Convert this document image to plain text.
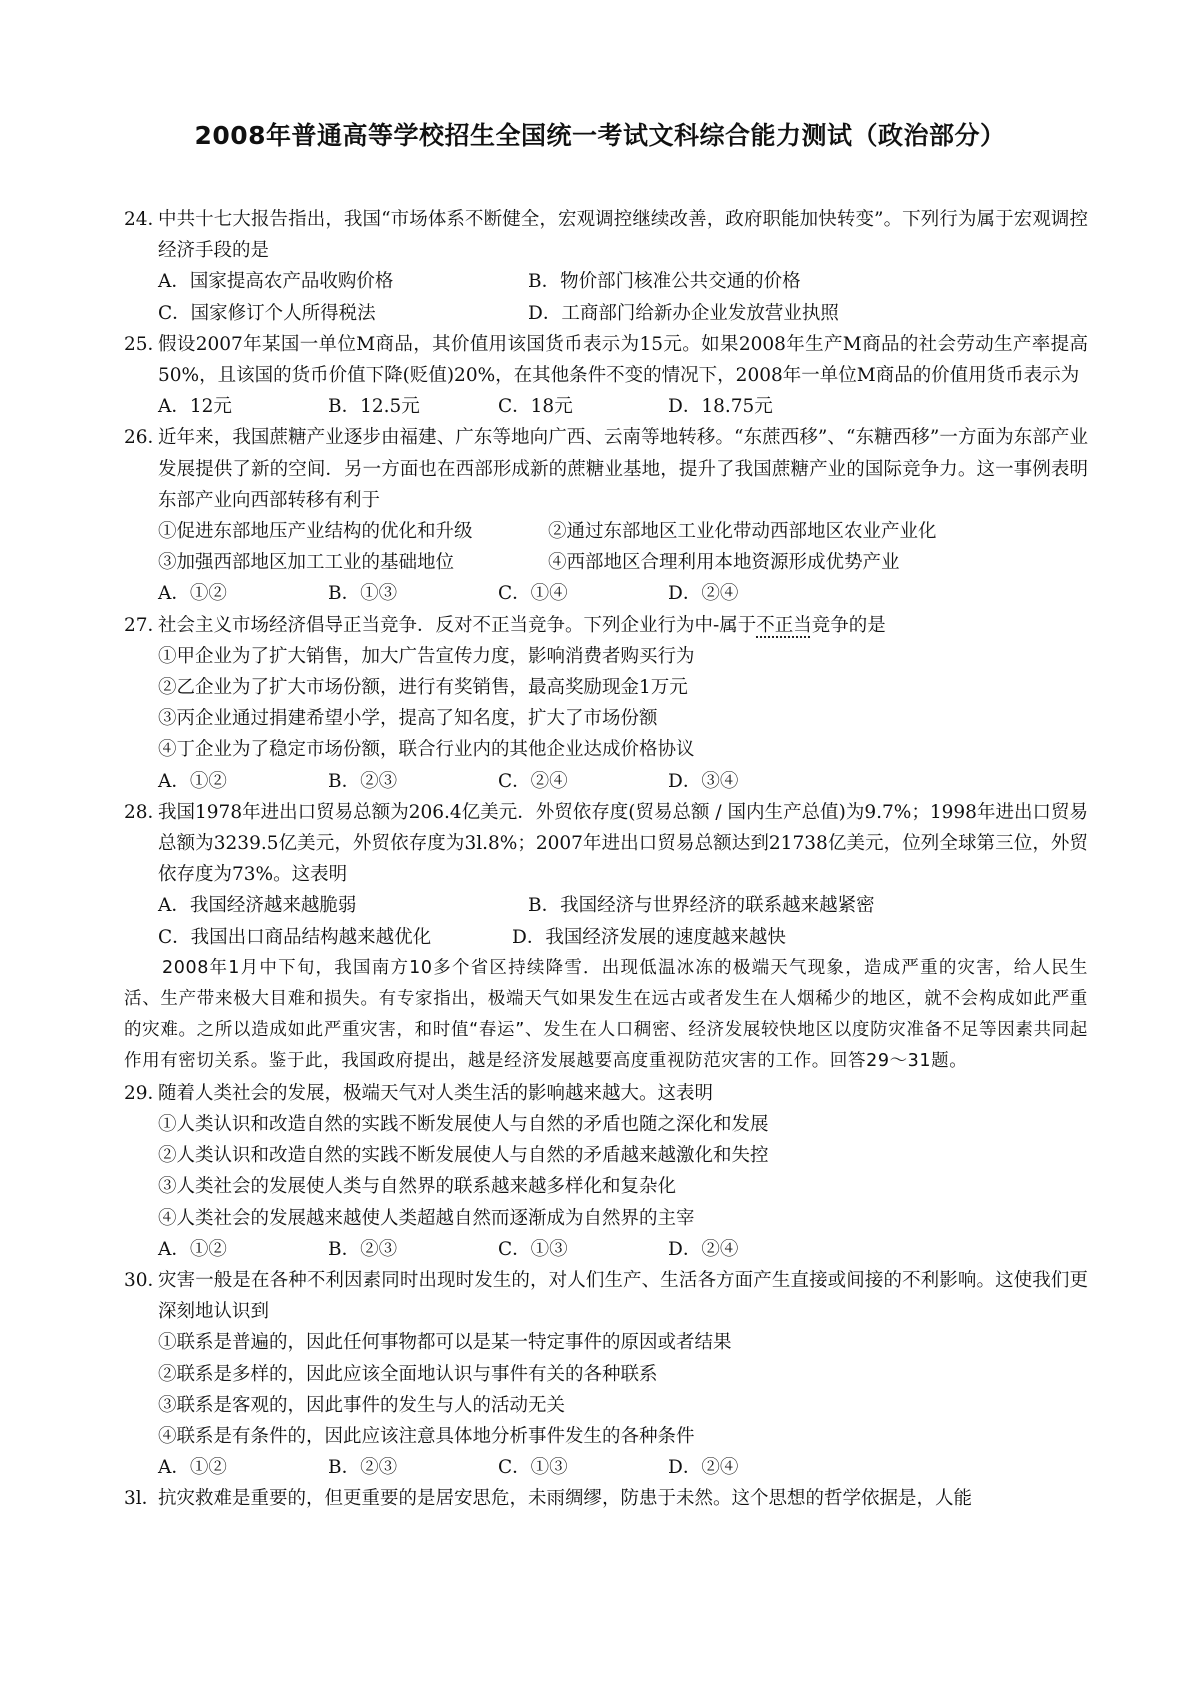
2008年普通高等学校招生全国统一考试文科综合能力测试（政治部分）
24．
中共十七大报告指出，我国“市场体系不断健全，宏观调控继续改善，政府职能加快转变”。下列行为属于宏观调控经济手段的是
A．国家提高农产品收购价格	B．物价部门核准公共交通的价格
C．国家修订个人所得税法	D．工商部门给新办企业发放营业执照
25．
假设2007年某国一单位M商品，其价值用该国货币表示为15元。如果2008年生产M商品的社会劳动生产率提高50%，且该国的货币价值下降(贬值)20%，在其他条件不变的情况下，2008年一单位M商品的价值用货币表示为
A．12元	B．12.5元	C．18元	D．18.75元
26．
近年来，我国蔗糖产业逐步由福建、广东等地向广西、云南等地转移。“东蔗西移”、“东糖西移”一方面为东部产业发展提供了新的空间．另一方面也在西部形成新的蔗糖业基地，提升了我国蔗糖产业的国际竞争力。这一事例表明东部产业向西部转移有利于
①促进东部地压产业结构的优化和升级	②通过东部地区工业化带动西部地区农业产业化
③加强西部地区加工工业的基础地位	④西部地区合理利用本地资源形成优势产业
A．①②	B．①③	C．①④	D．②④
27．
社会主义市场经济倡导正当竞争．反对不正当竞争。下列企业行为中-属于不正当竞争的是
①甲企业为了扩大销售，加大广告宣传力度，影响消费者购买行为
②乙企业为了扩大市场份额，进行有奖销售，最高奖励现金1万元
③丙企业通过捐建希望小学，提高了知名度，扩大了市场份额
④丁企业为了稳定市场份额，联合行业内的其他企业达成价格协议
A．①②	B．②③	C．②④	D．③④
28．
我国1978年进出口贸易总额为206.4亿美元．外贸依存度(贸易总额 / 国内生产总值)为9.7%；1998年进出口贸易总额为3239.5亿美元，外贸依存度为3l.8%；2007年进出口贸易总额达到21738亿美元，位列全球第三位，外贸依存度为73%。这表明
A．我国经济越来越脆弱	B．我国经济与世界经济的联系越来越紧密
C．我国出口商品结构越来越优化	D．我国经济发展的速度越来越快
2008年1月中下旬，我国南方10多个省区持续降雪．出现低温冰冻的极端天气现象，造成严重的灾害，给人民生活、生产带来极大目难和损失。有专家指出，极端天气如果发生在远古或者发生在人烟稀少的地区，就不会构成如此严重的灾难。之所以造成如此严重灾害，和时值“春运”、发生在人口稠密、经济发展较快地区以度防灾准备不足等因素共同起作用有密切关系。鉴于此，我国政府提出，越是经济发展越要高度重视防范灾害的工作。回答29～31题。
29．
随着人类社会的发展，极端天气对人类生活的影响越来越大。这表明
①人类认识和改造自然的实践不断发展使人与自然的矛盾也随之深化和发展
②人类认识和改造自然的实践不断发展使人与自然的矛盾越来越激化和失控
③人类社会的发展使人类与自然界的联系越来越多样化和复杂化
④人类社会的发展越来越使人类超越自然而逐渐成为自然界的主宰
A．①②	B．②③	C．①③	D．②④
30．
灾害一般是在各种不利因素同时出现时发生的，对人们生产、生活各方面产生直接或间接的不利影响。这使我们更深刻地认识到
①联系是普遍的，因此任何事物都可以是某一特定事件的原因或者结果
②联系是多样的，因此应该全面地认识与事件有关的各种联系
③联系是客观的，因此事件的发生与人的活动无关
④联系是有条件的，因此应该注意具体地分析事件发生的各种条件
A．①②	B．②③	C．①③	D．②④
3l．
抗灾救难是重要的，但更重要的是居安思危，未雨绸缪，防患于未然。这个思想的哲学依据是，人能
